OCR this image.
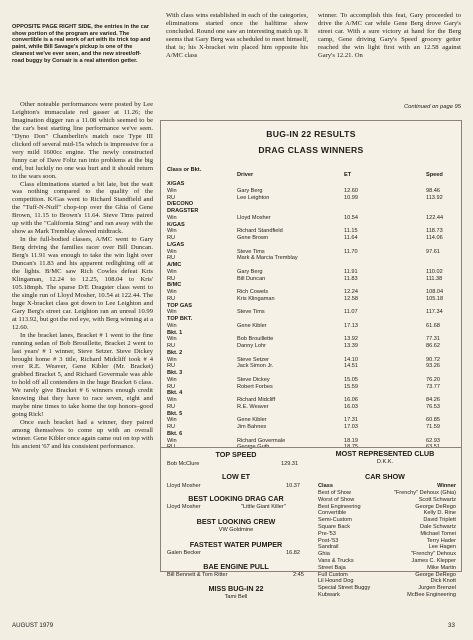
OPPOSITE PAGE RIGHT SIDE, the entries in the car show portion of the program are varied. The convertible is a real work of art with its trick top and paint, while Bill Savage's pickup is one of the cleanest we've ever seen, and the new street/off-road buggy by Corsair is a real attention getter.

Other noteable performances were posted by Lee Leighton's immaculate red gasser at 11.26; the Imagination digger ran a 11.08 which seemed to be the car's best starting line performance we've seen. "Dyno Don" Chamberlin's match race Type III clicked off several mid-15s which is impressive for a very mild 1600cc engine. The newly constructed funny car of Dave Foltz ran into problems at the big end, but luckily no one was hurt and it should return to the wars soon.

Class eliminations started a bit late, but the wait was nothing compared to the quality of the competition. K/Gas went to Richard Standfield and the "Tuff-N-Nuff" chop-top over the Ghia of Gene Brown, 11.15 to Brown's 11.64. Steve Tims paired up with the "California Sting" and ran away with the show as Mark Tremblay slowed midtrack.

In the full-bodied classes, A/MC went to Gary Berg driving the families racer over Bill Duncan. Berg's 11.91 was enough to take the win light over Duncan's 11.83 and his apparent redlighting off at the lights. B/MC saw Rich Cowles defeat Kris Klingaman, 12.24 to 12.25, 108.04 to Kris' 105.18mph. The sparse D/E Dragster class went to the single run of Lloyd Mosher, 10.54 at 122.44. The huge X-bracket class got down to Lee Leighton and Gary Berg's street car. Leighton ran an unreal 10.99 at 113.92, but got the red eye, with Berg winning at a 12.60.

In the bracket lanes, Bracket # 1 went to the fine running sedan of Bob Brouillette, Bracket 2 went to last years' # 1 winner, Steve Setzer. Steve Dickey brought home # 3 title, Richard Midcliff took # 4 over R.E. Weaver, Gene Kibler (Mr. Bracket) grabbed Bracket 5, and Richard Govermale was able to hold off all contenders in the huge Bracket 6 class. We rarely give Bracket # 6 winners enough credit knowing that they have to race seven, eight and maybe nine times to take home the top honors–good going Rick!

Once each bracket had a winner, they paired among themselves to come up with an overall winner. Gene Kibler once again came out on top with his ancient '67 and his consistent performance.

With class wins established in each of the categories, eliminations started once the halftime show concluded. Round one saw an interesting match up. It seems that Gary Berg was scheduled to meet himself, that is; his X-bracket win placed him opposite his A/MC class

winner. To accomplish this feat, Gary proceeded to drive the A/MC car while Gene Berg drove Gary's street car. With a sure victory at hand for the Berg camp, Gene driving Gary's Speed grocery getter reached the win light first with an 12.58 against Gary's 12.21. On

Continued on page 95
BUG-IN 22 RESULTS
DRAG CLASS WINNERS
Class or Bkt.
Driver	ET	Speed
X/GAS
Win	Gary Berg	12.60	98.46
RU	Lee Leighton	10.99	113.92
D/ECONO
DRAGSTER
Win	Lloyd Mosher	10.54	122.44
K/GAS
Win	Richard Standfield	11.15	118.73
RU	Gene Brown	11.64	114.06
L/GAS
Win	Steve Tims	11.70	97.61
RU	Mark & Marcia Tremblay
A/MC
Win	Gary Berg	11.91	110.02
RU	Bill Duncan	11.83	111.38
B/MC
Win	Rich Cowels	12.24	108.04
RU	Kris Klingaman	12.58	105.18
TOP GAS
Win	Steve Tims	11.07	117.34
TOP BKT.
Win	Gene Kibler	17.13	61.68
Bkt. 1
Win	Bob Brouillette	13.92	77.31
RU	Danny Lohr	13.39	86.62
Bkt. 2
Win	Steve Setzer	14.10	90.72
RU	Jack Simon Jr.	14.51	93.26
Bkt. 3
Win	Steve Dickey	15.05	76.20
RU	Robert Forbes	15.59	73.77
Bkt. 4
Win	Richard Midcliff	16.06	84.26
RU	R.E. Weaver	16.03	76.53
Bkt. 5
Win	Gene Kibler	17.31	60.85
RU	Jim Bahnes	17.03	71.59
Bkt. 6
Win	Richard Govermale	18.19	62.93
RU	George Guth	18.75	63.51
TOP SPEED
Bob McClure	129.31
LOW ET
Lloyd Mosher	10.37
BEST LOOKING DRAG CAR
Lloyd Mosher	"Little Giant Killer"
BEST LOOKING CREW
VW Goldmine
FASTEST WATER PUMPER
Galen Becker	16.82
BAE ENGINE PULL
Bill Bennett & Tom Ritter	2:45
MISS BUG-IN 22
Tami Bell
MOST REPRESENTED CLUB
D.K.K.
CAR SHOW
Class	Winner
Best of Show	"Frenchy" Dehoux (Ghia)
Worst of Show	Scott Schwartz
Best Engineering	George DeRego
Convertible	Kelly D. Rine
Semi-Custom	David Triplett
Square Back	Dale Schwartz
Pre-'53	Michael Tomei
Post-'53	Terry Hader
Sandrail	Lee Hagen
Ghia	"Frenchy" Dehoux
Vans & Trucks	James C. Klepper
Street Baja	Mike Martin
Full Custom	George DeRego
Lil Hound Dog	Dick Knott
Special Street Buggy	Jurgen Brenzel
Kubwark	McBee Engineering
AUGUST 1979	33
